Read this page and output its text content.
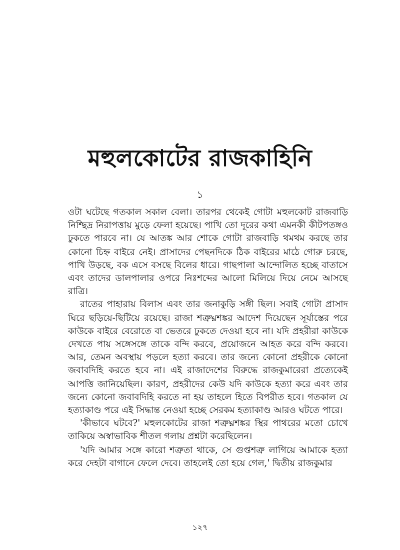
মহুলকোটের রাজকাহিনি
১

ওটা ঘটেছে গতকাল সকাল বেলা। তারপর থেকেই গোটা মহুলকোট রাজবাড়ি নিশ্ছিদ্র নিরাপত্তায় মুড়ে ফেলা হয়েছে। পাখি তো দূরের কথা এমনকী কীটপতঙ্গও ঢুকতে পারবে না। যে আতঙ্ক আর শোকে গোটা রাজবাড়ি থমথম করছে তার কোনো চিহ্ন বাইরে নেই। প্রাসাদের পেছনদিকে ঠিক বাইরের মাঠে গোরু চরছে, পাখি উড়ছে, বক এসে বসছে বিলের ধারে। গাছপালা আন্দোলিত হচ্ছে বাতাসে এবং তাদের ডালপালার ওপরে নিঃশব্দের আলো মিলিয়ে দিয়ে নেমে আসছে রাত্রি।

রাতের পাহারায় বিলাস এবং তার জনাকুড়ি সঙ্গী ছিল। সবাই গোটা প্রাসাদ ঘিরে ছড়িয়ে-ছিটিয়ে রয়েছে। রাজা শত্রুঘ্নশঙ্কর আদেশ দিয়েছেন সূর্যাস্তের পরে কাউকে বাইরে বেরোতে বা ভেতরে ঢুকতে দেওয়া হবে না। যদি প্রহরীরা কাউকে দেখতে পায় সঙ্গেসঙ্গে তাকে বন্দি করবে, প্রয়োজনে আহত করে বন্দি করবে। আর, তেমন অবস্থায় পড়লে হত্যা করবে। তার জন্যে কোনো প্রহরীকে কোনো জবাবদিহি করতে হবে না। এই রাজাদেশের বিরুদ্ধে রাজকুমারেরা প্রত্যেকেই আপত্তি জানিয়েছিল। কারণ, প্রহরীদের কেউ যদি কাউকে হত্যা করে এবং তার জন্যে কোনো জবাবদিহি করতে না হয় তাহলে হিতে বিপরীত হবে। গতকাল যে হত্যাকাণ্ড পরে এই সিদ্ধান্ত নেওয়া হচ্ছে সেরকম হত্যাকাণ্ড আরও ঘটতে পারে।

'কীভাবে ঘটবে?' মহুলকোটের রাজা শত্রুঘ্নশঙ্কর স্থির পাথরের মতো চোখে তাকিয়ে অস্বাভাবিক শীতল গলায় প্রশ্নটা করেছিলেন।

'যদি আমার সঙ্গে কারো শত্রুতা থাকে, সে গুপ্তশত্রু লাগিয়ে আমাকে হত্যা করে দেহটা বাগানে ফেলে দেবে। তাহলেই তো হয়ে গেল,' দ্বিতীয় রাজকুমার

১২৭
